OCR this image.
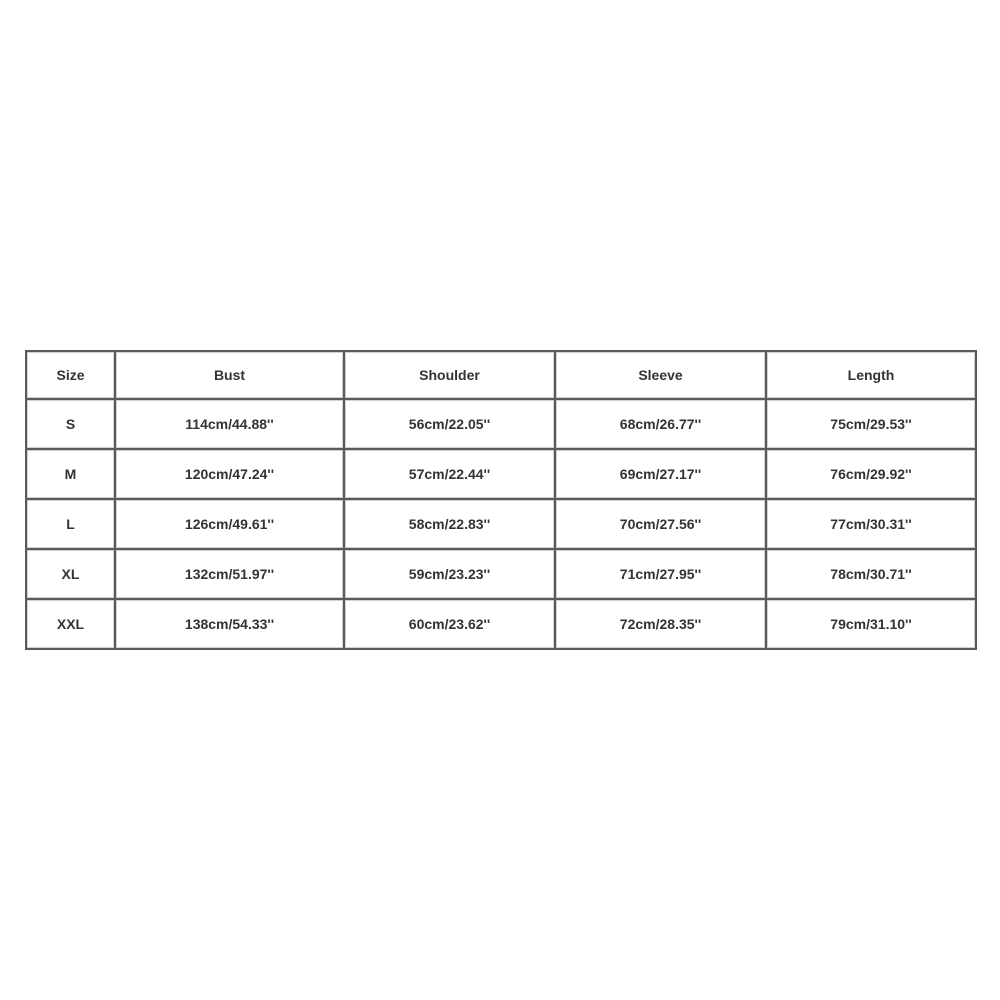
Size	Bust	Shoulder	Sleeve	Length
S	114cm/44.88''	56cm/22.05''	68cm/26.77''	75cm/29.53''
M	120cm/47.24''	57cm/22.44''	69cm/27.17''	76cm/29.92''
L	126cm/49.61''	58cm/22.83''	70cm/27.56''	77cm/30.31''
XL	132cm/51.97''	59cm/23.23''	71cm/27.95''	78cm/30.71''
XXL	138cm/54.33''	60cm/23.62''	72cm/28.35''	79cm/31.10''
